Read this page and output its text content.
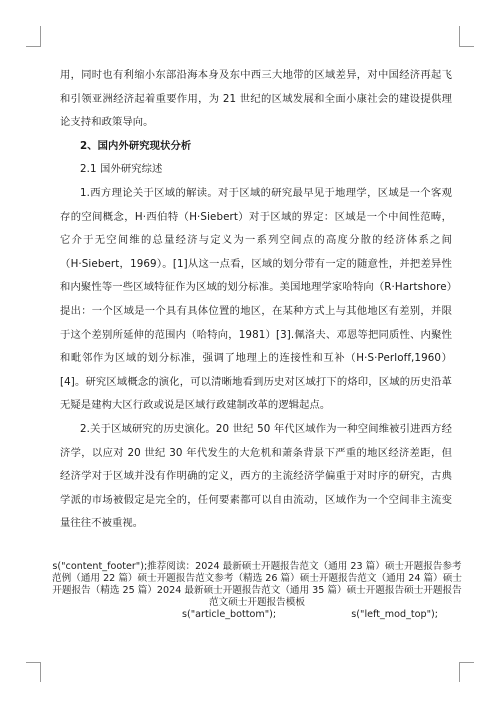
用，同时也有利缩小东部沿海本身及东中西三大地带的区域差异，对中国经济再起飞和引领亚洲经济起着重要作用，为 21 世纪的区域发展和全面小康社会的建设提供理论支持和政策导向。

2、国内外研究现状分析

2.1 国外研究综述

1.西方理论关于区域的解读。对于区域的研究最早见于地理学，区域是一个客观存的空间概念，H·西伯特（H·Siebert）对于区域的界定：区域是一个中间性范畴，它介于无空间维的总量经济与定义为一系列空间点的高度分散的经济体系之间（H·Siebert，1969）。[1]从这一点看，区域的划分带有一定的随意性，并把差异性和内聚性等一些区域特征作为区域的划分标准。美国地理学家哈特向（R·Hartshore）提出：一个区域是一个具有具体位置的地区，在某种方式上与其他地区有差别，并限于这个差别所延伸的范围内（哈特向，1981）[3].佩洛夫、邓恩等把同质性、内聚性和毗邻作为区域的划分标准，强调了地理上的连接性和互补（H·S·Perloff,1960）[4]。研究区域概念的演化，可以清晰地看到历史对区域打下的烙印，区域的历史沿革无疑是建构大区行政或说是区域行政建制改革的逻辑起点。

2.关于区域研究的历史演化。20 世纪 50 年代区域作为一种空间维被引进西方经济学，以应对 20 世纪 30 年代发生的大危机和萧条背景下严重的地区经济差距，但经济学对于区域并没有作明确的定义，西方的主流经济学偏重于对时序的研究，古典学派的市场被假定是完全的，任何要素都可以自由流动，区域作为一个空间非主流变量往往不被重视。

s("content_footer");推荐阅读：2024 最新硕士开题报告范文（通用 23 篇）硕士开题报告参考范例（通用 22 篇）硕士开题报告范文参考（精选 26 篇）硕士开题报告范文（通用 24 篇）硕士开题报告（精选 25 篇）2024 最新硕士开题报告范文（通用 35 篇）硕士开题报告硕士开题报告范文硕士开题报告模板
s("article_bottom");	s("left_mod_top");
